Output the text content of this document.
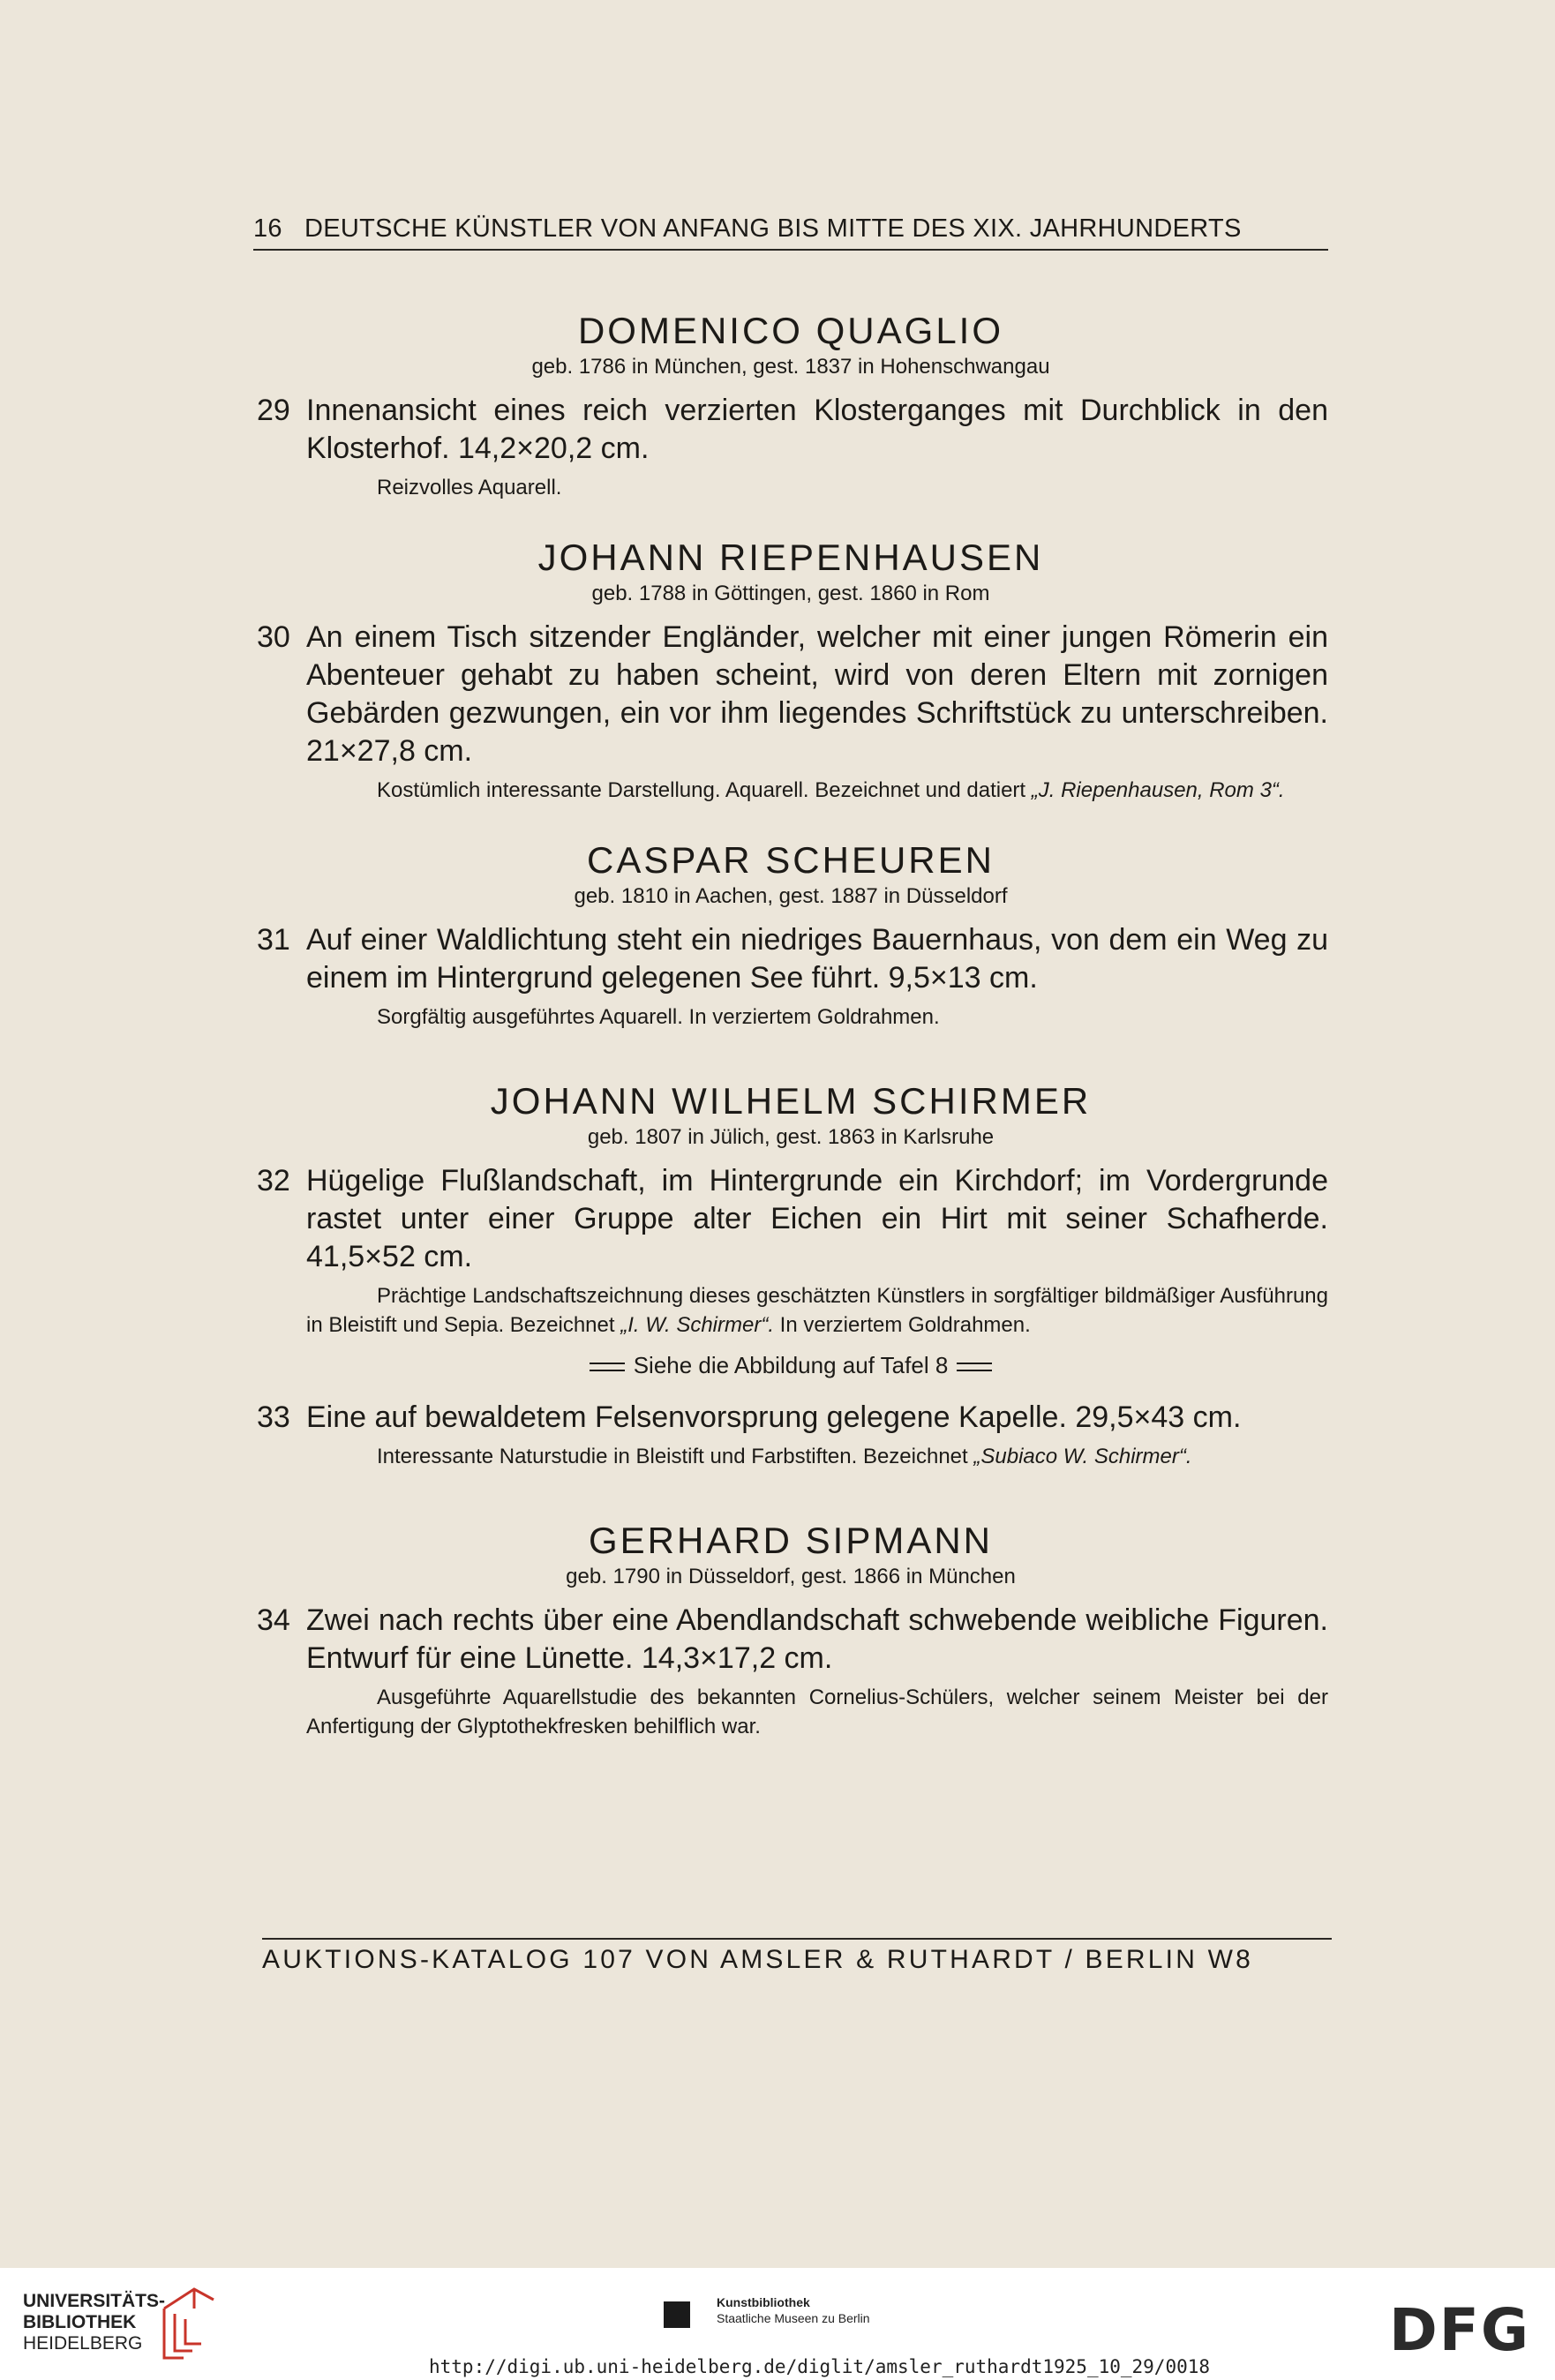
16 DEUTSCHE KÜNSTLER VON ANFANG BIS MITTE DES XIX. JAHRHUNDERTS
DOMENICO QUAGLIO
geb. 1786 in München, gest. 1837 in Hohenschwangau
29 Innenansicht eines reich verzierten Klosterganges mit Durchblick in den Klosterhof. 14,2×20,2 cm.
Reizvolles Aquarell.
JOHANN RIEPENHAUSEN
geb. 1788 in Göttingen, gest. 1860 in Rom
30 An einem Tisch sitzender Engländer, welcher mit einer jungen Römerin ein Abenteuer gehabt zu haben scheint, wird von deren Eltern mit zornigen Gebärden gezwungen, ein vor ihm liegendes Schriftstück zu unterschreiben. 21×27,8 cm.
Kostümlich interessante Darstellung. Aquarell. Bezeichnet und datiert „J. Riepenhausen, Rom 3“.
CASPAR SCHEUREN
geb. 1810 in Aachen, gest. 1887 in Düsseldorf
31 Auf einer Waldlichtung steht ein niedriges Bauernhaus, von dem ein Weg zu einem im Hintergrund gelegenen See führt. 9,5×13 cm.
Sorgfältig ausgeführtes Aquarell. In verziertem Goldrahmen.
JOHANN WILHELM SCHIRMER
geb. 1807 in Jülich, gest. 1863 in Karlsruhe
32 Hügelige Flußlandschaft, im Hintergrunde ein Kirchdorf; im Vordergrunde rastet unter einer Gruppe alter Eichen ein Hirt mit seiner Schafherde. 41,5×52 cm.
Prächtige Landschaftszeichnung dieses geschätzten Künstlers in sorgfältiger bildmäßiger Ausführung in Bleistift und Sepia. Bezeichnet „I. W. Schirmer“. In verziertem Goldrahmen.
Siehe die Abbildung auf Tafel 8
33 Eine auf bewaldetem Felsenvorsprung gelegene Kapelle. 29,5×43 cm.
Interessante Naturstudie in Bleistift und Farbstiften. Bezeichnet „Subiaco W. Schirmer“.
GERHARD SIPMANN
geb. 1790 in Düsseldorf, gest. 1866 in München
34 Zwei nach rechts über eine Abendlandschaft schwebende weibliche Figuren. Entwurf für eine Lünette. 14,3×17,2 cm.
Ausgeführte Aquarellstudie des bekannten Cornelius-Schülers, welcher seinem Meister bei der Anfertigung der Glyptothekfresken behilflich war.
AUKTIONS-KATALOG 107 VON AMSLER & RUTHARDT / BERLIN W8
UNIVERSITÄTS-
BIBLIOTHEK
HEIDELBERG
Kunstbibliothek
Staatliche Museen zu Berlin	DFG
http://digi.ub.uni-heidelberg.de/diglit/amsler_ruthardt1925_10_29/0018
